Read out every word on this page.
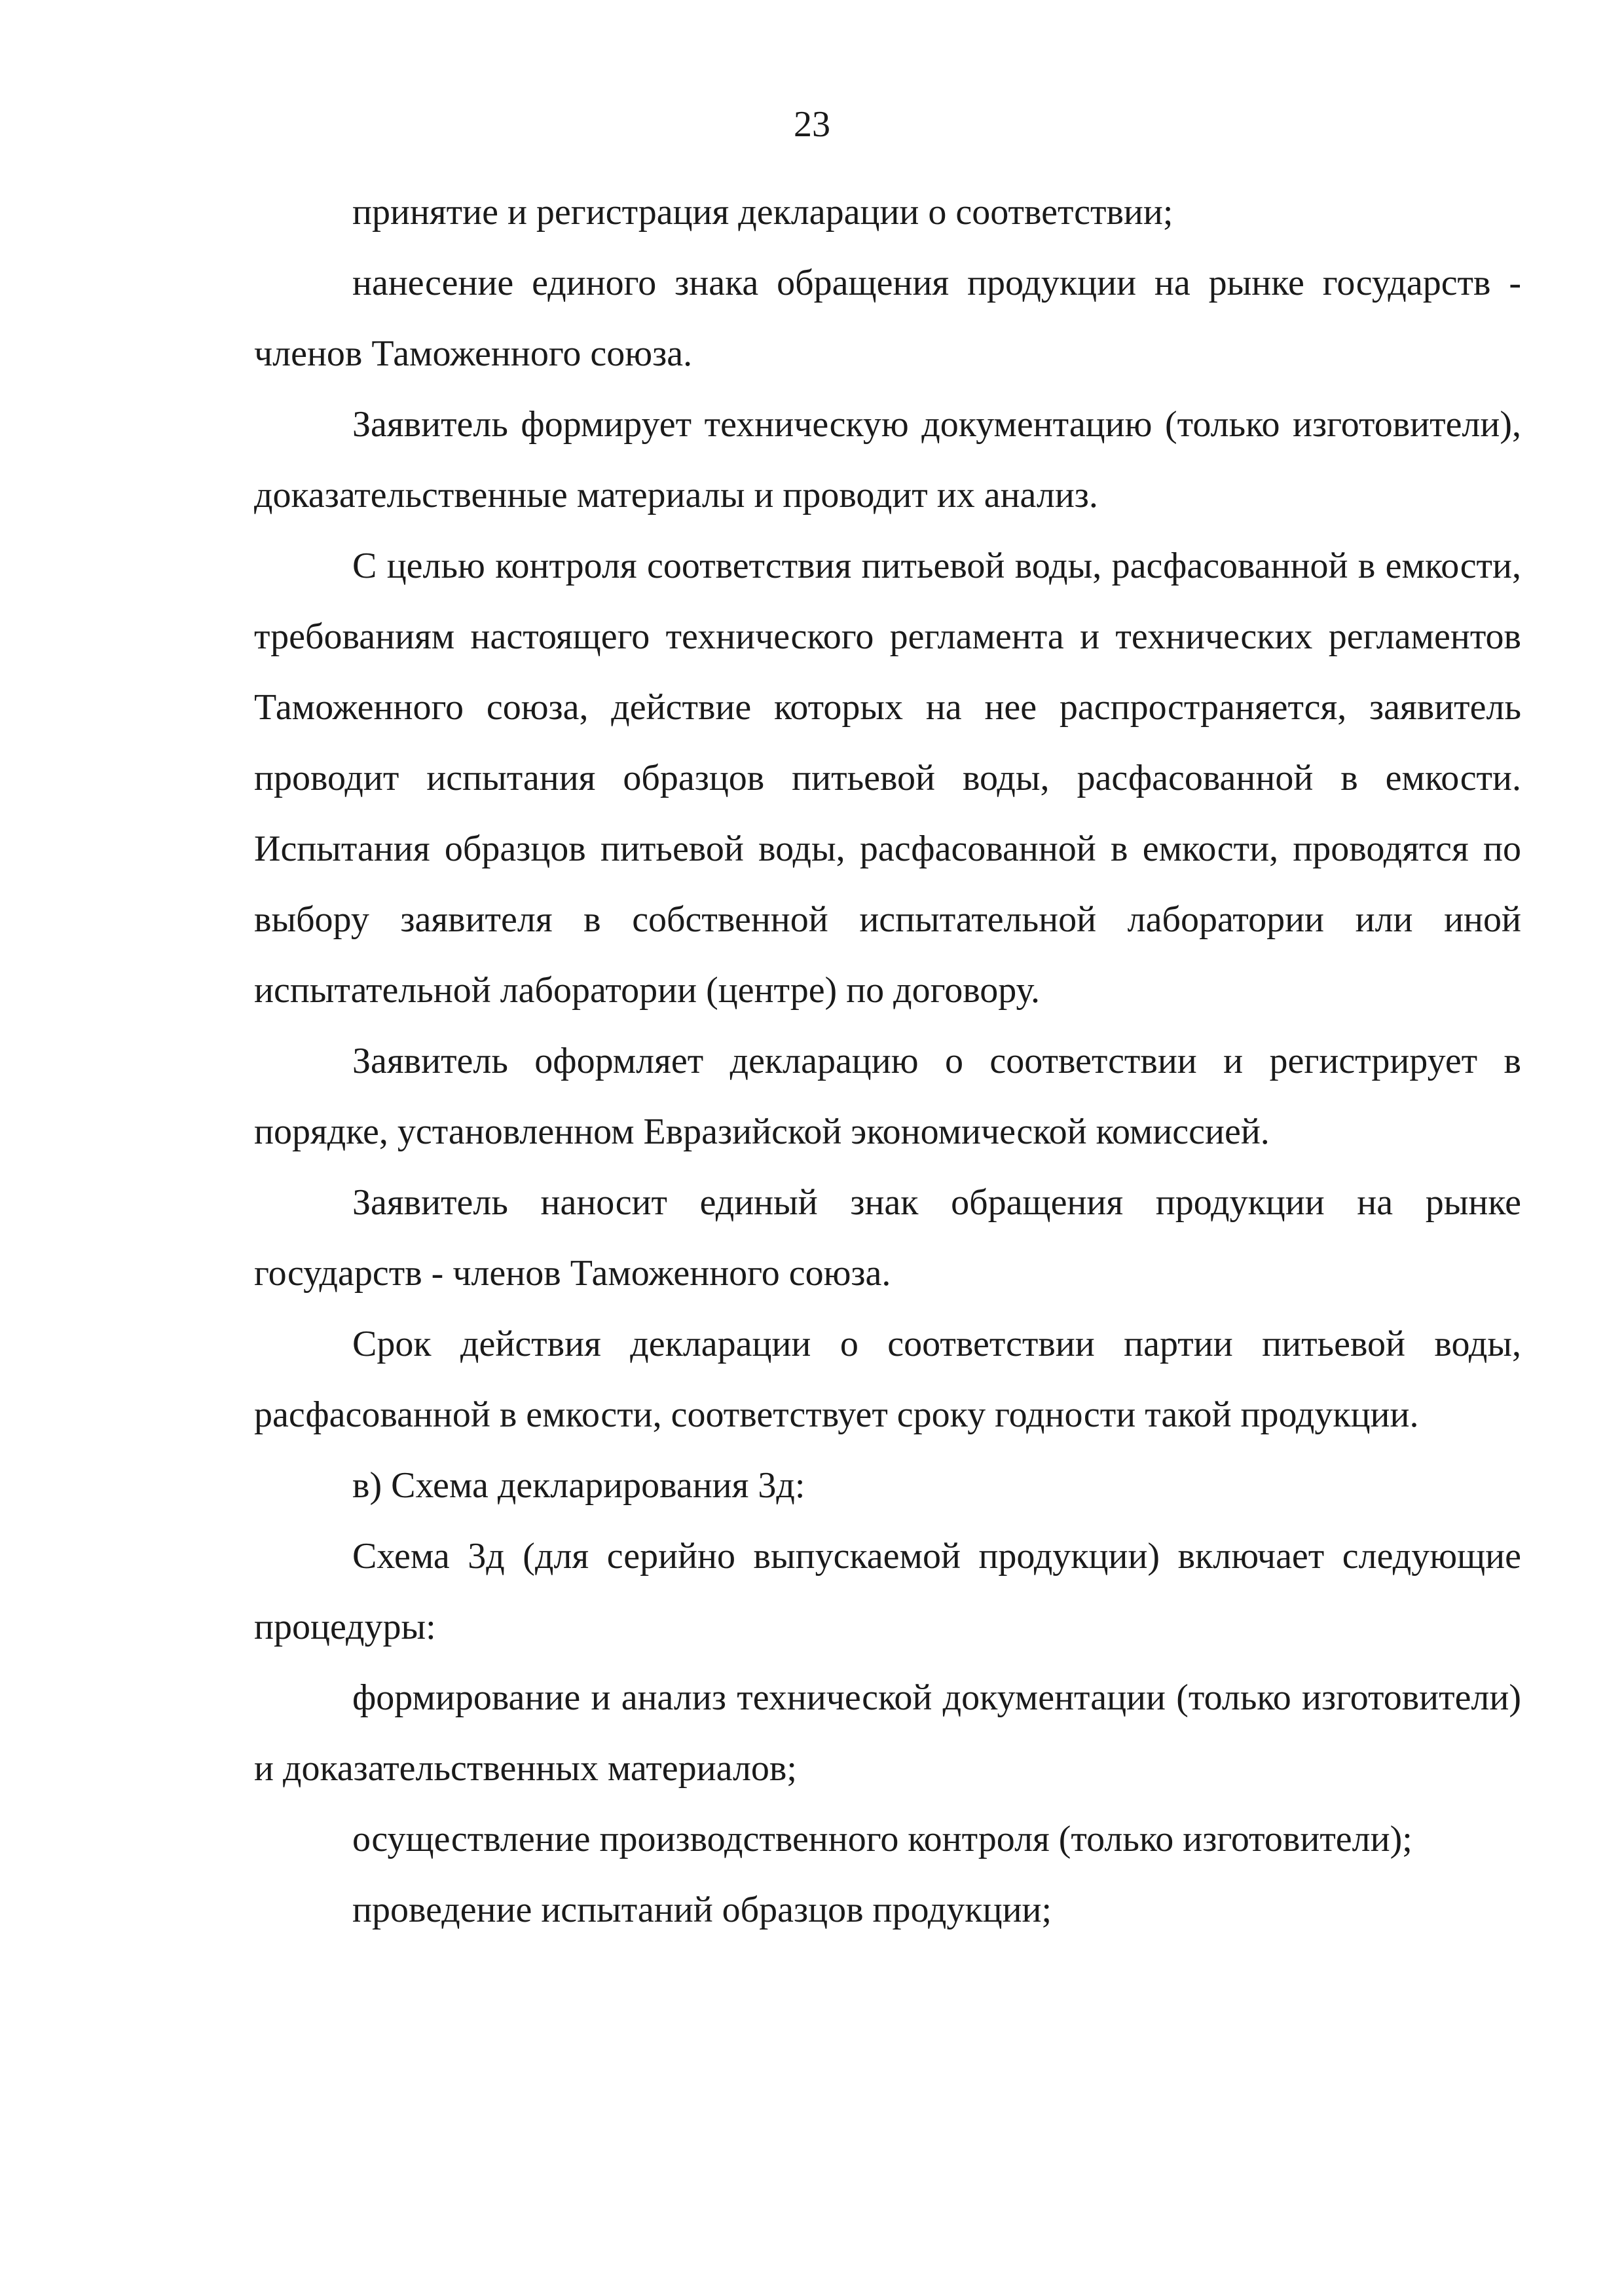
23

принятие и регистрация декларации о соответствии;

нанесение единого знака обращения продукции на рынке государств - членов Таможенного союза.

Заявитель формирует техническую документацию (только изготовители), доказательственные материалы и проводит их анализ.

С целью контроля соответствия питьевой воды, расфасованной в емкости, требованиям настоящего технического регламента и технических регламентов Таможенного союза, действие которых на нее распространяется, заявитель проводит испытания образцов питьевой воды, расфасованной в емкости. Испытания образцов питьевой воды, расфасованной в емкости, проводятся по выбору заявителя в собственной испытательной лаборатории или иной испытательной лаборатории (центре) по договору.

Заявитель оформляет декларацию о соответствии и регистрирует в порядке, установленном Евразийской экономической комиссией.

Заявитель наносит единый знак обращения продукции на рынке государств - членов Таможенного союза.

Срок действия декларации о соответствии партии питьевой воды, расфасованной в емкости, соответствует сроку годности такой продукции.

в) Схема декларирования 3д:

Схема 3д (для серийно выпускаемой продукции) включает следующие процедуры:

формирование и анализ технической документации (только изготовители) и доказательственных материалов;

осуществление производственного контроля (только изготовители);

проведение испытаний образцов продукции;
